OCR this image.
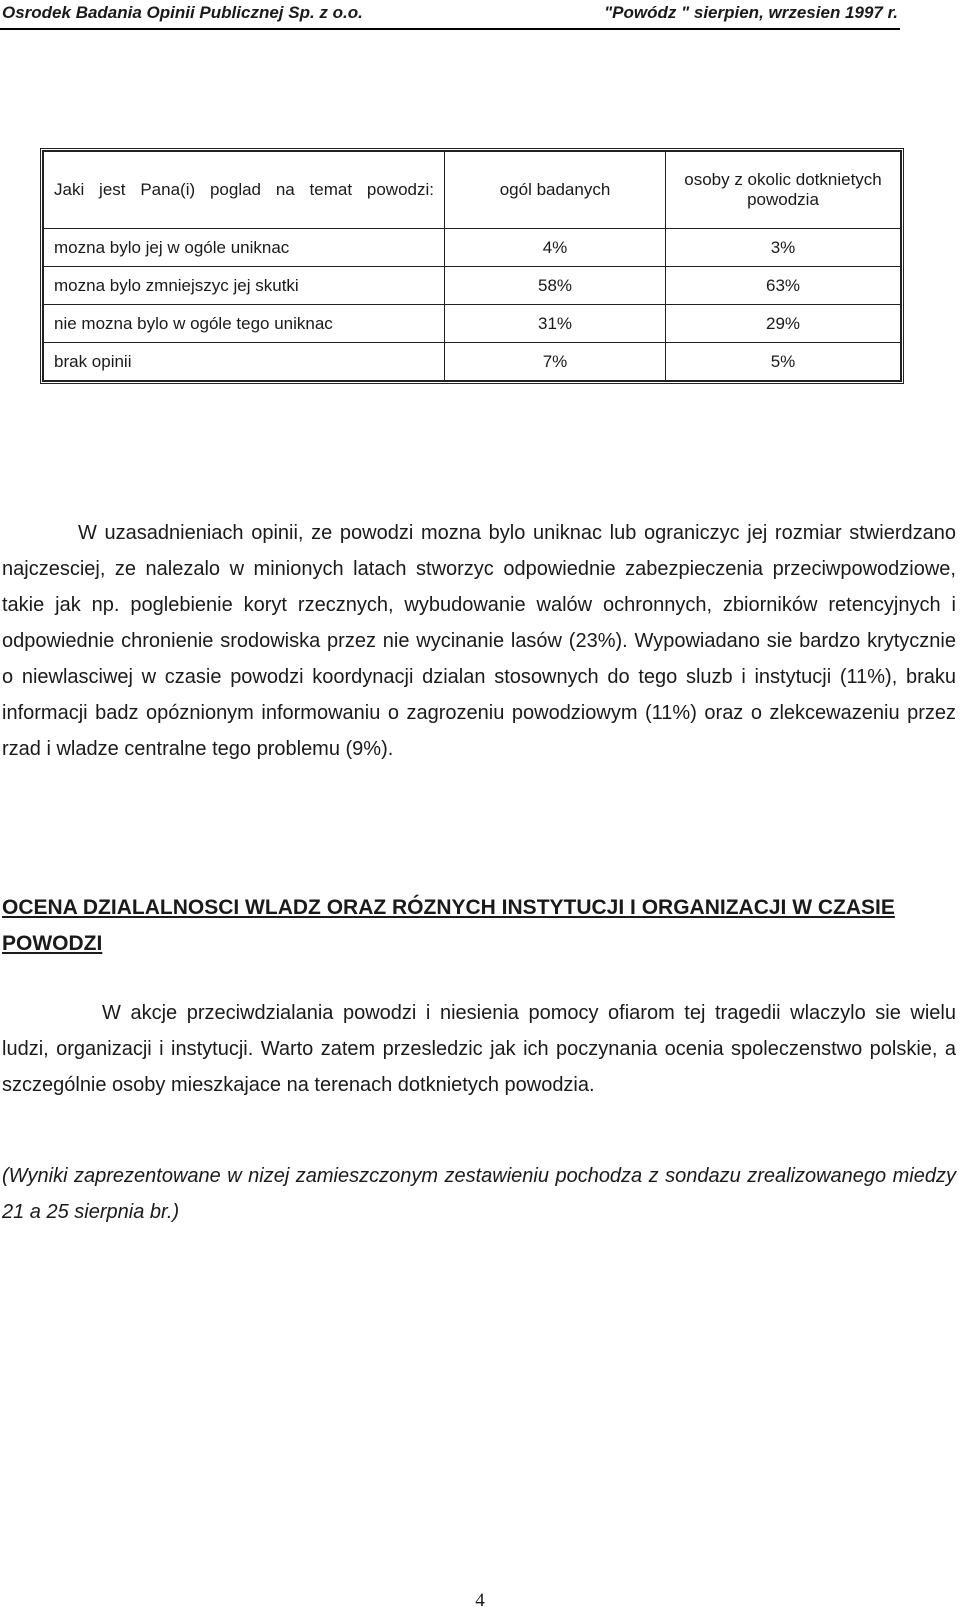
Osrodek Badania Opinii Publicznej Sp. z o.o.	"Powódz " sierpien, wrzesien 1997 r.
Jaki jest Pana(i) poglad na temat powodzi:	ogól badanych	osoby z okolic dotknietych powodzia
mozna bylo jej w ogóle uniknac	4%	3%
mozna bylo zmniejszyc jej skutki	58%	63%
nie mozna bylo w ogóle tego uniknac	31%	29%
brak opinii	7%	5%

W uzasadnieniach opinii, ze powodzi mozna bylo uniknac lub ograniczyc jej rozmiar stwierdzano najczesciej, ze nalezalo w minionych latach stworzyc odpowiednie zabezpieczenia przeciwpowodziowe, takie jak np. poglebienie koryt rzecznych, wybudowanie walów ochronnych, zbiorników retencyjnych i odpowiednie chronienie srodowiska przez nie wycinanie lasów (23%). Wypowiadano sie bardzo krytycznie o niewlasciwej w czasie powodzi koordynacji dzialan stosownych do tego sluzb i instytucji (11%), braku informacji badz opóznionym informowaniu o zagrozeniu powodziowym (11%) oraz o zlekcewazeniu przez rzad i wladze centralne tego problemu (9%).

OCENA DZIALALNOSCI WLADZ ORAZ RÓZNYCH INSTYTUCJI I ORGANIZACJI W CZASIE POWODZI

W akcje przeciwdzialania powodzi i niesienia pomocy ofiarom tej tragedii wlaczylo sie wielu ludzi, organizacji i instytucji. Warto zatem przesledzic jak ich poczynania ocenia spoleczenstwo polskie, a szczególnie osoby mieszkajace na terenach dotknietych powodzia.

(Wyniki zaprezentowane w nizej zamieszczonym zestawieniu pochodza z sondazu zrealizowanego miedzy 21 a 25 sierpnia br.)

4
